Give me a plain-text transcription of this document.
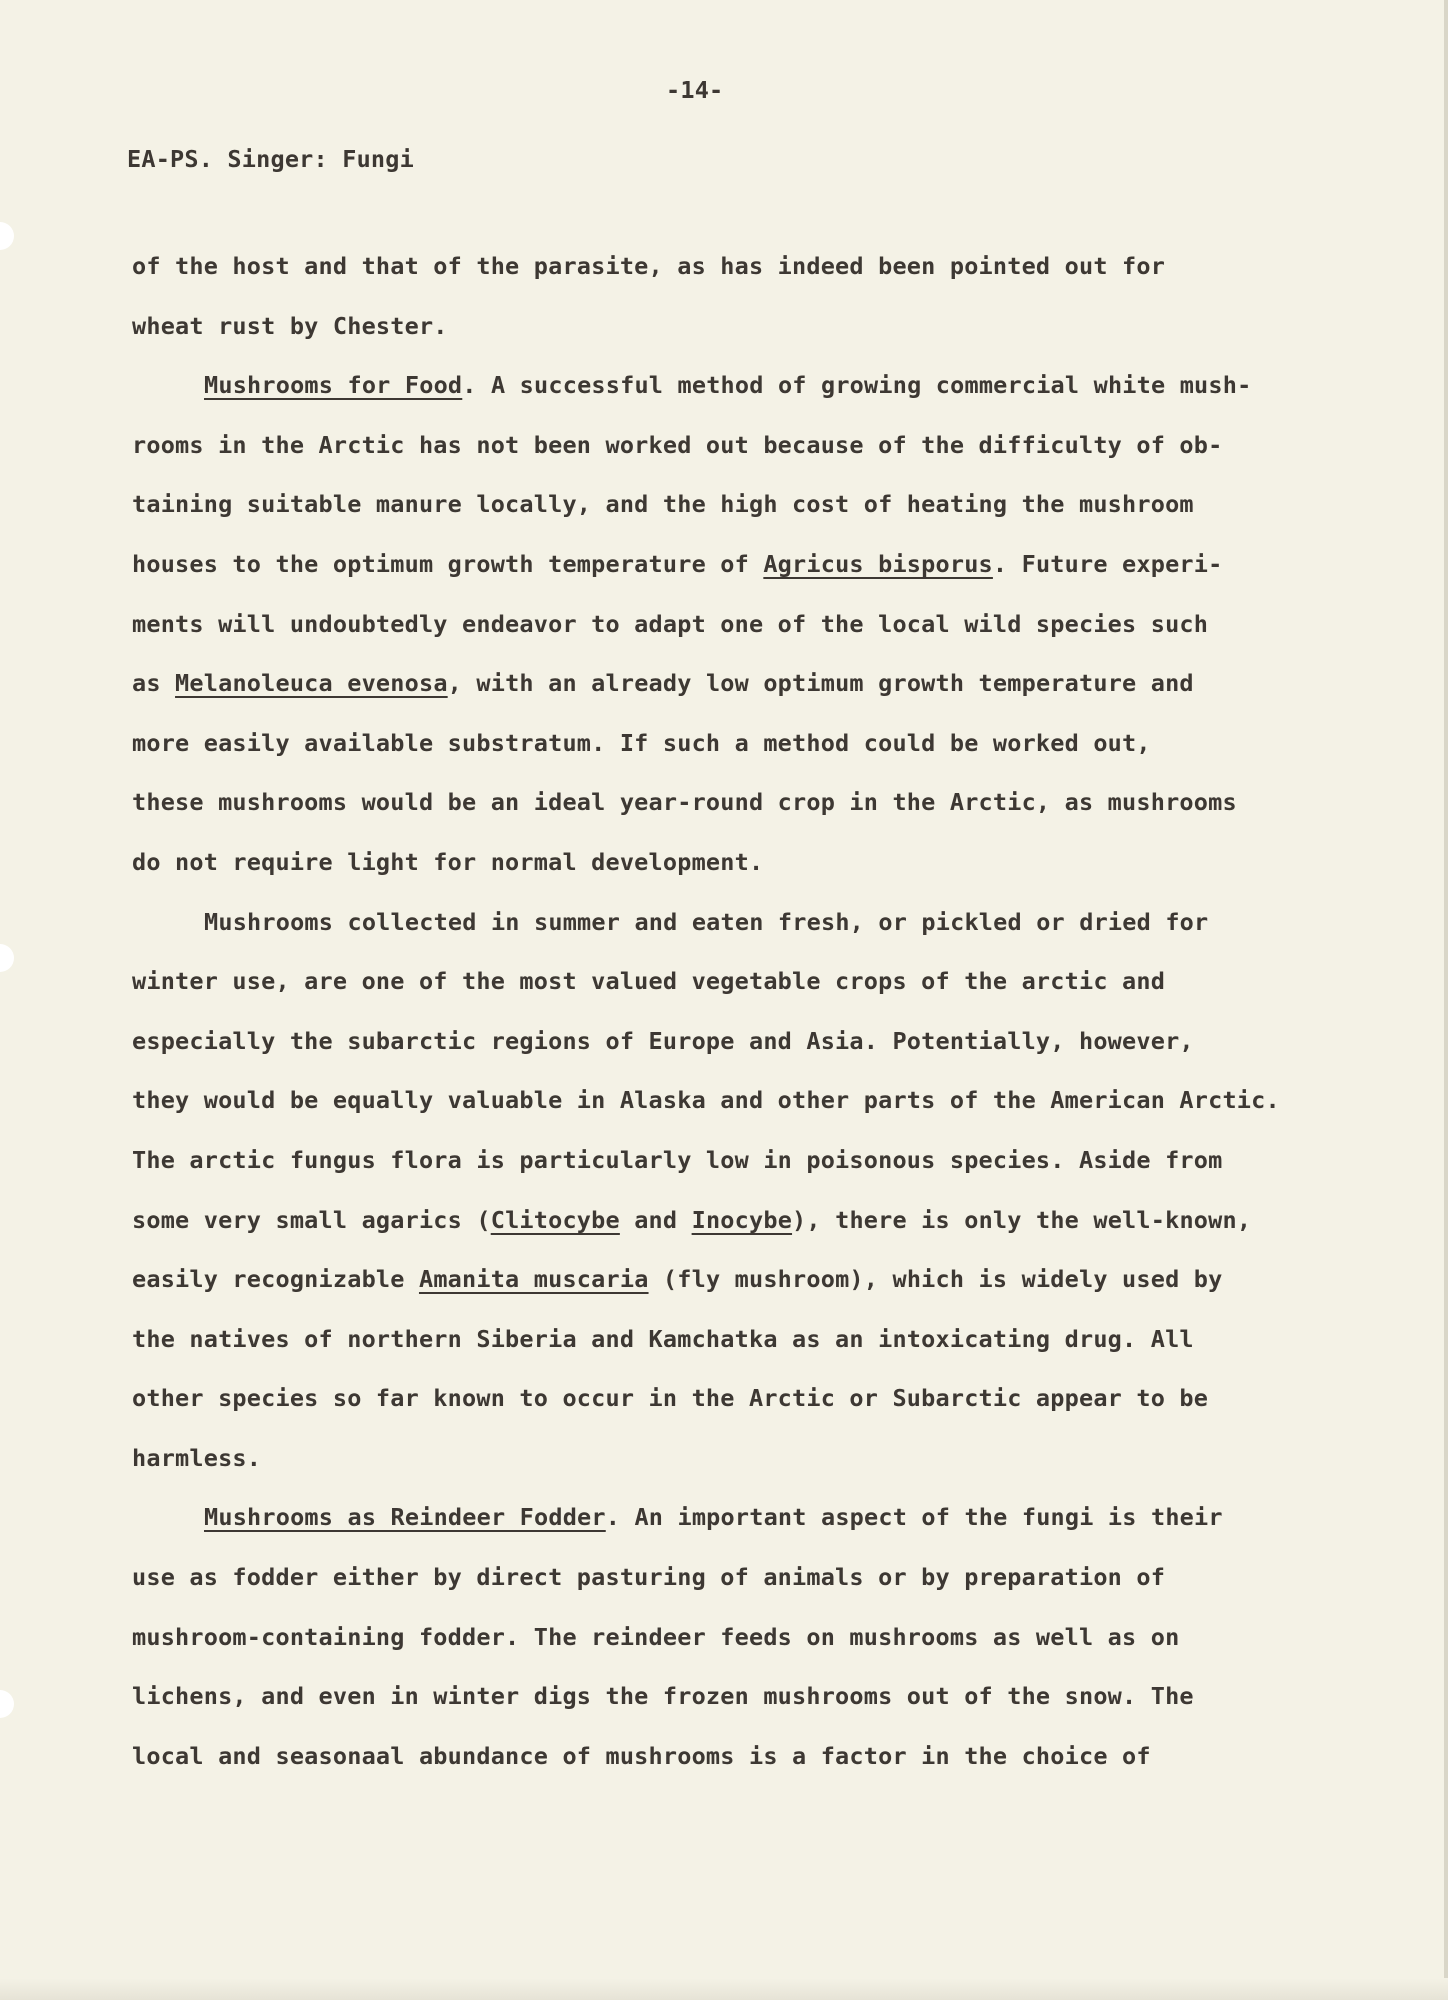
-14-
EA-PS. Singer: Fungi
of the host and that of the parasite, as has indeed been pointed out for
wheat rust by Chester.
Mushrooms for Food. A successful method of growing commercial white mush-
rooms in the Arctic has not been worked out because of the difficulty of ob-
taining suitable manure locally, and the high cost of heating the mushroom
houses to the optimum growth temperature of Agricus bisporus. Future experi-
ments will undoubtedly endeavor to adapt one of the local wild species such
as Melanoleuca evenosa, with an already low optimum growth temperature and
more easily available substratum. If such a method could be worked out,
these mushrooms would be an ideal year-round crop in the Arctic, as mushrooms
do not require light for normal development.
Mushrooms collected in summer and eaten fresh, or pickled or dried for
winter use, are one of the most valued vegetable crops of the arctic and
especially the subarctic regions of Europe and Asia. Potentially, however,
they would be equally valuable in Alaska and other parts of the American Arctic.
The arctic fungus flora is particularly low in poisonous species. Aside from
some very small agarics (Clitocybe and Inocybe), there is only the well-known,
easily recognizable Amanita muscaria (fly mushroom), which is widely used by
the natives of northern Siberia and Kamchatka as an intoxicating drug. All
other species so far known to occur in the Arctic or Subarctic appear to be
harmless.
Mushrooms as Reindeer Fodder. An important aspect of the fungi is their
use as fodder either by direct pasturing of animals or by preparation of
mushroom-containing fodder. The reindeer feeds on mushrooms as well as on
lichens, and even in winter digs the frozen mushrooms out of the snow. The
local and seasonaal abundance of mushrooms is a factor in the choice of
